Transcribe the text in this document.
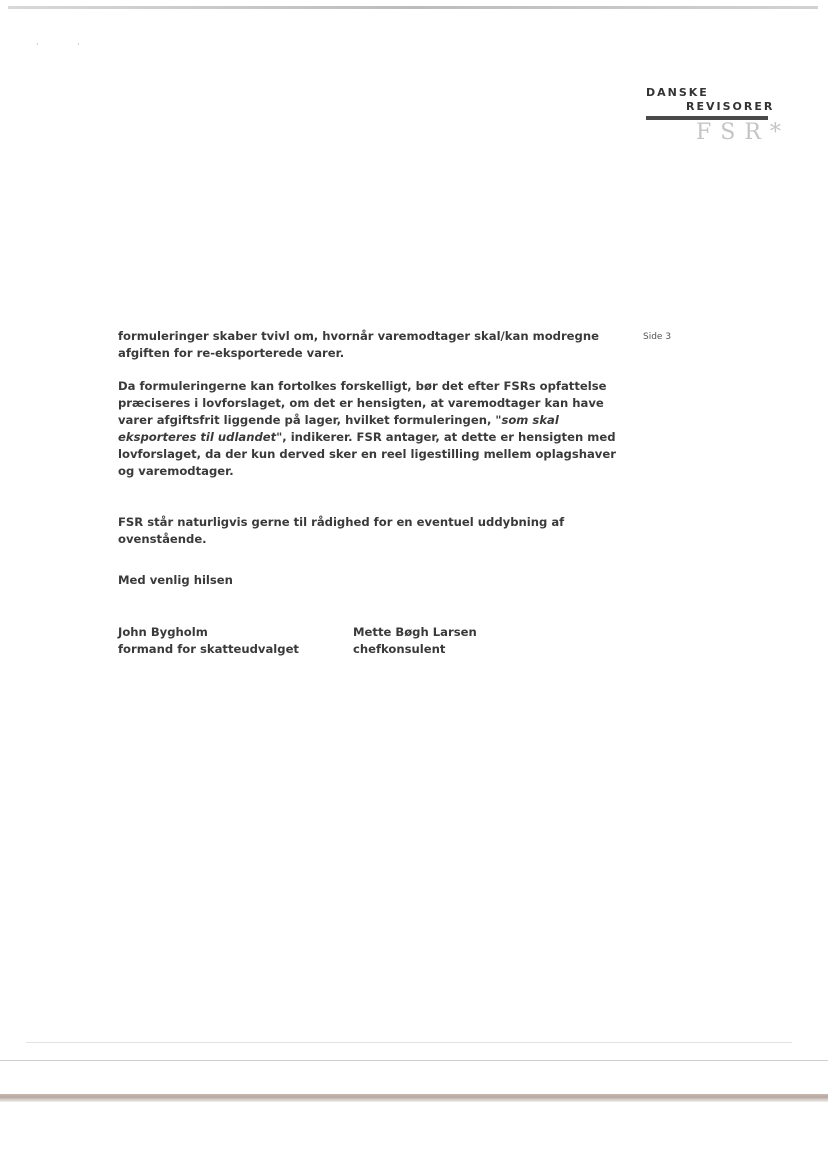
· ·
DANSKE
REVISORER
FSR*
Side 3
formuleringer skaber tvivl om, hvornår varemodtager skal/kan modregne afgiften for re-eksporterede varer.
Da formuleringerne kan fortolkes forskelligt, bør det efter FSRs opfattelse præciseres i lovforslaget, om det er hensigten, at varemodtager kan have varer afgiftsfrit liggende på lager, hvilket formuleringen, "som skal eksporteres til udlandet", indikerer. FSR antager, at dette er hensigten med lovforslaget, da der kun derved sker en reel ligestilling mellem oplagshaver og varemodtager.
FSR står naturligvis gerne til rådighed for en eventuel uddybning af ovenstående.
Med venlig hilsen
John Bygholm
formand for skatteudvalget
Mette Bøgh Larsen
chefkonsulent
